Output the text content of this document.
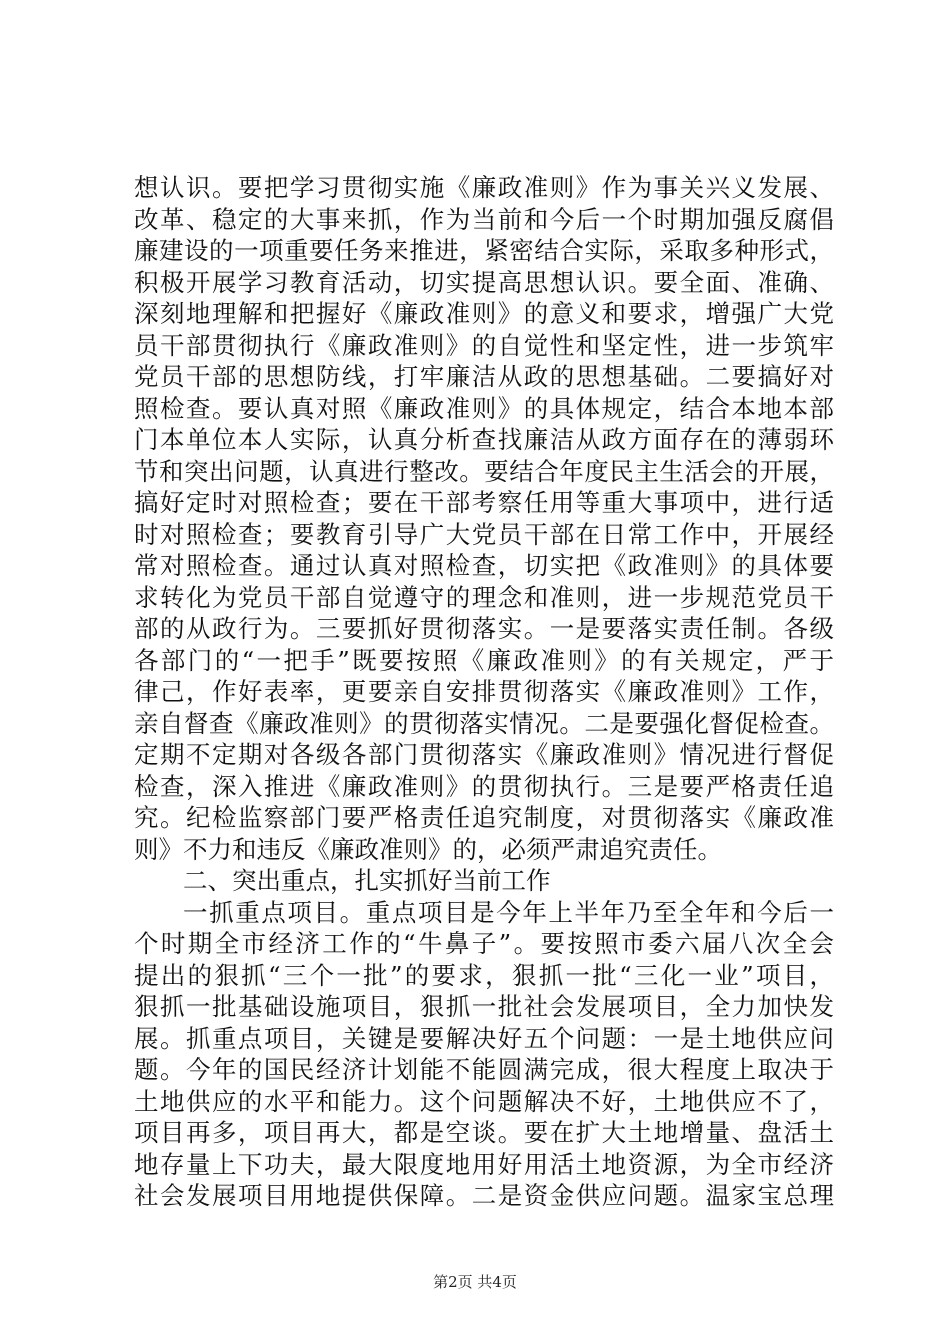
想认识。要把学习贯彻实施《廉政准则》作为事关兴义发展、
改革、稳定的大事来抓，作为当前和今后一个时期加强反腐倡
廉建设的一项重要任务来推进，紧密结合实际，采取多种形式，
积极开展学习教育活动，切实提高思想认识。要全面、准确、
深刻地理解和把握好《廉政准则》的意义和要求，增强广大党
员干部贯彻执行《廉政准则》的自觉性和坚定性，进一步筑牢
党员干部的思想防线，打牢廉洁从政的思想基础。二要搞好对
照检查。要认真对照《廉政准则》的具体规定，结合本地本部
门本单位本人实际，认真分析查找廉洁从政方面存在的薄弱环
节和突出问题，认真进行整改。要结合年度民主生活会的开展，
搞好定时对照检查；要在干部考察任用等重大事项中，进行适
时对照检查；要教育引导广大党员干部在日常工作中，开展经
常对照检查。通过认真对照检查，切实把《政准则》的具体要
求转化为党员干部自觉遵守的理念和准则，进一步规范党员干
部的从政行为。三要抓好贯彻落实。一是要落实责任制。各级
各部门的“一把手”既要按照《廉政准则》的有关规定，严于
律己，作好表率，更要亲自安排贯彻落实《廉政准则》工作，
亲自督查《廉政准则》的贯彻落实情况。二是要强化督促检查。
定期不定期对各级各部门贯彻落实《廉政准则》情况进行督促
检查，深入推进《廉政准则》的贯彻执行。三是要严格责任追
究。纪检监察部门要严格责任追究制度，对贯彻落实《廉政准
则》不力和违反《廉政准则》的，必须严肃追究责任。
二、突出重点，扎实抓好当前工作
一抓重点项目。重点项目是今年上半年乃至全年和今后一
个时期全市经济工作的“牛鼻子”。要按照市委六届八次全会
提出的狠抓“三个一批”的要求，狠抓一批“三化一业”项目，
狠抓一批基础设施项目，狠抓一批社会发展项目，全力加快发
展。抓重点项目，关键是要解决好五个问题：一是土地供应问
题。今年的国民经济计划能不能圆满完成，很大程度上取决于
土地供应的水平和能力。这个问题解决不好，土地供应不了，
项目再多，项目再大，都是空谈。要在扩大土地增量、盘活土
地存量上下功夫，最大限度地用好用活土地资源，为全市经济
社会发展项目用地提供保障。二是资金供应问题。温家宝总理
第2页 共4页
